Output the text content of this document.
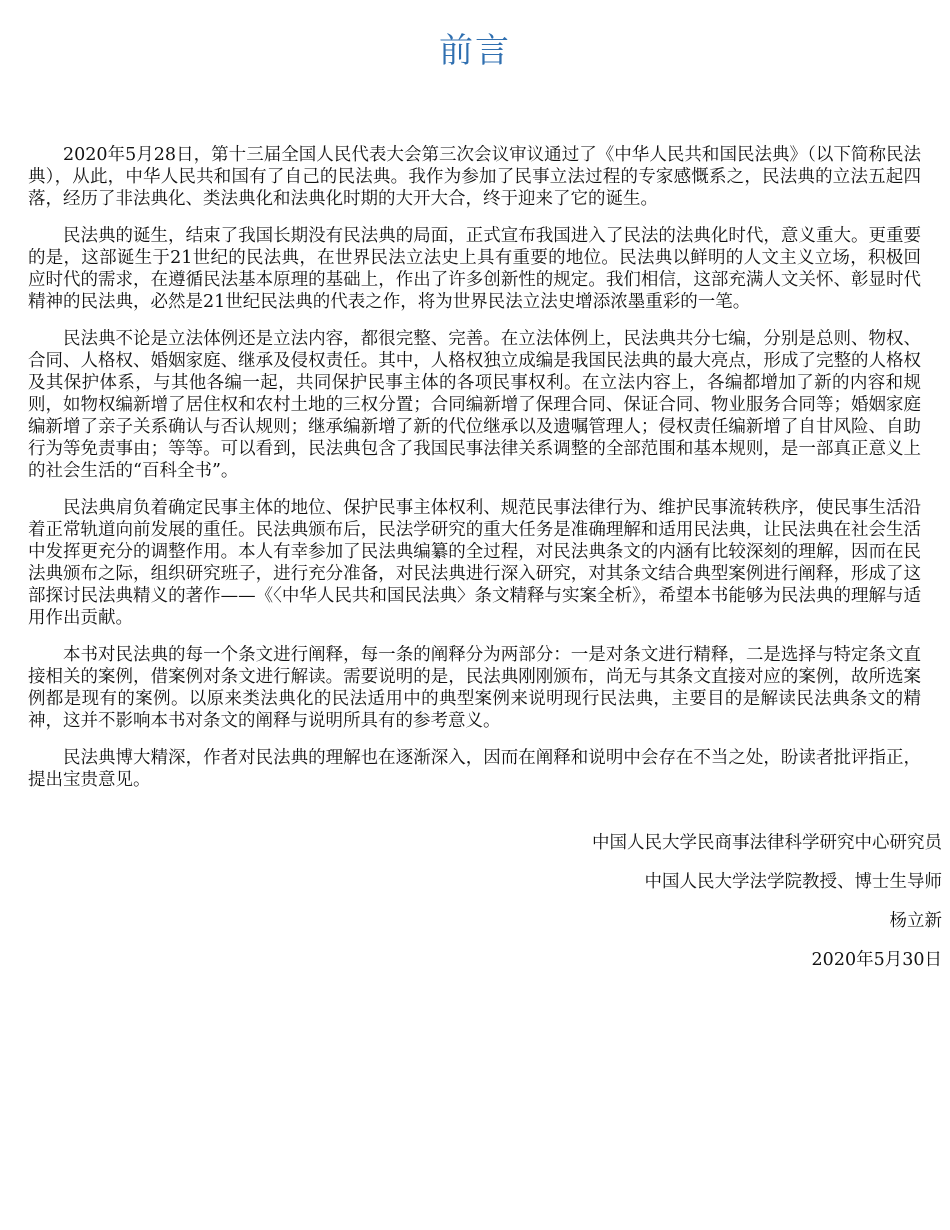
前言

2020年5月28日，第十三届全国人民代表大会第三次会议审议通过了《中华人民共和国民法典》（以下简称民法典），从此，中华人民共和国有了自己的民法典。我作为参加了民事立法过程的专家感慨系之，民法典的立法五起四落，经历了非法典化、类法典化和法典化时期的大开大合，终于迎来了它的诞生。

民法典的诞生，结束了我国长期没有民法典的局面，正式宣布我国进入了民法的法典化时代，意义重大。更重要的是，这部诞生于21世纪的民法典，在世界民法立法史上具有重要的地位。民法典以鲜明的人文主义立场，积极回应时代的需求，在遵循民法基本原理的基础上，作出了许多创新性的规定。我们相信，这部充满人文关怀、彰显时代精神的民法典，必然是21世纪民法典的代表之作，将为世界民法立法史增添浓墨重彩的一笔。

民法典不论是立法体例还是立法内容，都很完整、完善。在立法体例上，民法典共分七编，分别是总则、物权、合同、人格权、婚姻家庭、继承及侵权责任。其中，人格权独立成编是我国民法典的最大亮点，形成了完整的人格权及其保护体系，与其他各编一起，共同保护民事主体的各项民事权利。在立法内容上，各编都增加了新的内容和规则，如物权编新增了居住权和农村土地的三权分置；合同编新增了保理合同、保证合同、物业服务合同等；婚姻家庭编新增了亲子关系确认与否认规则；继承编新增了新的代位继承以及遗嘱管理人；侵权责任编新增了自甘风险、自助行为等免责事由；等等。可以看到，民法典包含了我国民事法律关系调整的全部范围和基本规则，是一部真正意义上的社会生活的“百科全书”。

民法典肩负着确定民事主体的地位、保护民事主体权利、规范民事法律行为、维护民事流转秩序，使民事生活沿着正常轨道向前发展的重任。民法典颁布后，民法学研究的重大任务是准确理解和适用民法典，让民法典在社会生活中发挥更充分的调整作用。本人有幸参加了民法典编纂的全过程，对民法典条文的内涵有比较深刻的理解，因而在民法典颁布之际，组织研究班子，进行充分准备，对民法典进行深入研究，对其条文结合典型案例进行阐释，形成了这部探讨民法典精义的著作——《〈中华人民共和国民法典〉条文精释与实案全析》，希望本书能够为民法典的理解与适用作出贡献。

本书对民法典的每一个条文进行阐释，每一条的阐释分为两部分：一是对条文进行精释，二是选择与特定条文直接相关的案例，借案例对条文进行解读。需要说明的是，民法典刚刚颁布，尚无与其条文直接对应的案例，故所选案例都是现有的案例。以原来类法典化的民法适用中的典型案例来说明现行民法典，主要目的是解读民法典条文的精神，这并不影响本书对条文的阐释与说明所具有的参考意义。

民法典博大精深，作者对民法典的理解也在逐渐深入，因而在阐释和说明中会存在不当之处，盼读者批评指正，提出宝贵意见。

中国人民大学民商事法律科学研究中心研究员
中国人民大学法学院教授、博士生导师
杨立新
2020年5月30日
